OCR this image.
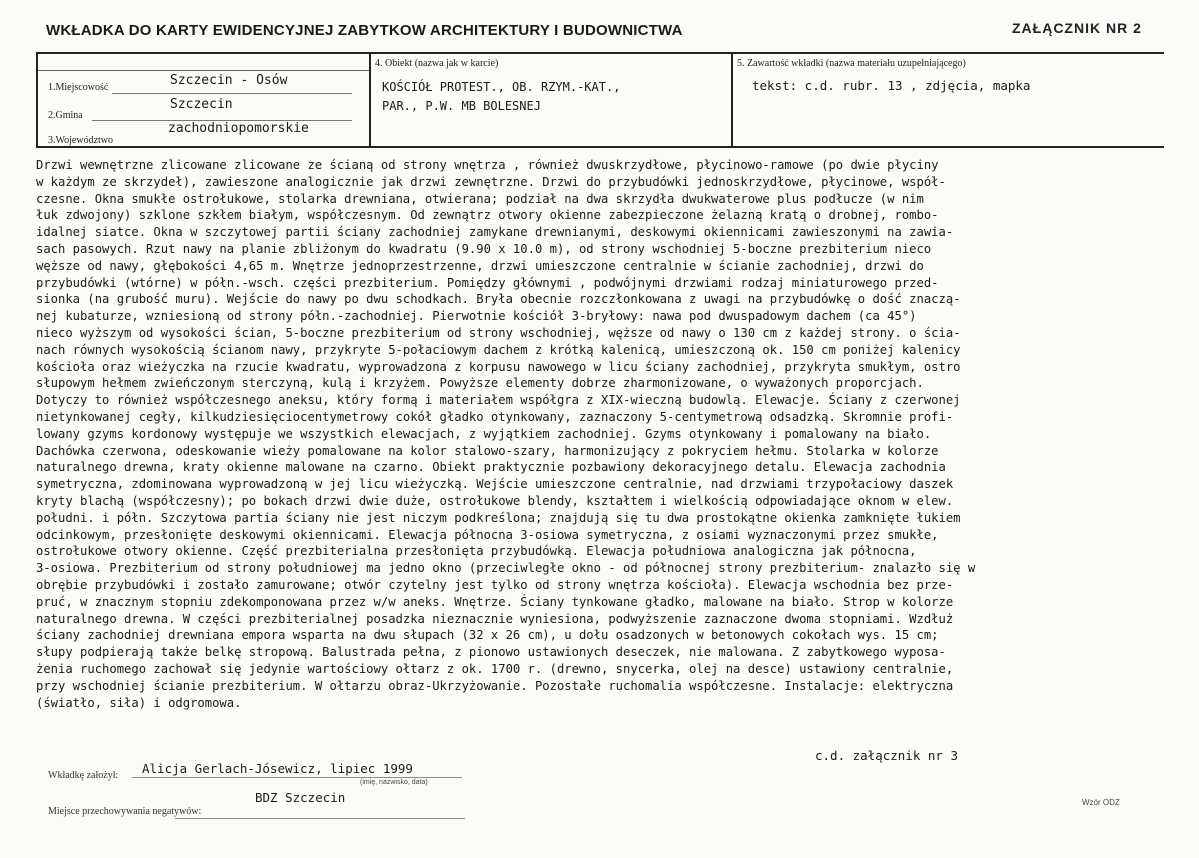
WKŁADKA DO KARTY EWIDENCYJNEJ ZABYTKOW ARCHITEKTURY I BUDOWNICTWA	ZAŁĄCZNIK NR 2
1.Miejscowość	Szczecin - Osów
2.Gmina
Szczecin
3.Województwo
zachodniopomorskie
4. Obiekt (nazwa jak w karcie)
KOŚCIÓŁ PROTEST., OB. RZYM.-KAT.,
PAR., P.W. MB BOLESNEJ
5. Zawartość wkładki (nazwa materiału uzupełniającego)
tekst: c.d. rubr. 13 , zdjęcia, mapka
Drzwi wewnętrzne zlicowane zlicowane ze ścianą od strony wnętrza , również dwuskrzydłowe, płycinowo-ramowe (po dwie płyciny
w każdym ze skrzydeł), zawieszone analogicznie jak drzwi zewnętrzne. Drzwi do przybudówki jednoskrzydłowe, płycinowe, współ-
czesne. Okna smukłe ostrołukowe, stolarka drewniana, otwierana; podział na dwa skrzydła dwukwaterowe plus podłucze (w nim
łuk zdwojony) szklone szkłem białym, współczesnym. Od zewnątrz otwory okienne zabezpieczone żelazną kratą o drobnej, rombo-
idalnej siatce. Okna w szczytowej partii ściany zachodniej zamykane drewnianymi, deskowymi okiennicami zawieszonymi na zawia-
sach pasowych. Rzut nawy na planie zbliżonym do kwadratu (9.90 x 10.0 m), od strony wschodniej 5-boczne prezbiterium nieco
węższe od nawy, głębokości 4,65 m. Wnętrze jednoprzestrzenne, drzwi umieszczone centralnie w ścianie zachodniej, drzwi do
przybudówki (wtórne) w półn.-wsch. części prezbiterium. Pomiędzy głównymi , podwójnymi drzwiami rodzaj miniaturowego przed-
sionka (na grubość muru). Wejście do nawy po dwu schodkach. Bryła obecnie rozczłonkowana z uwagi na przybudówkę o dość znaczą-
nej kubaturze, wzniesioną od strony półn.-zachodniej. Pierwotnie kościół 3-bryłowy: nawa pod dwuspadowym dachem (ca 45°)
nieco wyższym od wysokości ścian, 5-boczne prezbiterium od strony wschodniej, węższe od nawy o 130 cm z każdej strony. o ścia-
nach równych wysokością ścianom nawy, przykryte 5-połaciowym dachem z krótką kalenicą, umieszczoną ok. 150 cm poniżej kalenicy
kościoła oraz wieżyczka na rzucie kwadratu, wyprowadzona z korpusu nawowego w licu ściany zachodniej, przykryta smukłym, ostro
słupowym hełmem zwieńczonym sterczyną, kulą i krzyżem. Powyższe elementy dobrze zharmonizowane, o wyważonych proporcjach.
Dotyczy to również współczesnego aneksu, który formą i materiałem współgra z XIX-wieczną budowlą. Elewacje. Ściany z czerwonej
nietynkowanej cegły, kilkudziesięciocentymetrowy cokół gładko otynkowany, zaznaczony 5-centymetrową odsadzką. Skromnie profi-
lowany gzyms kordonowy występuje we wszystkich elewacjach, z wyjątkiem zachodniej. Gzyms otynkowany i pomalowany na biało.
Dachówka czerwona, odeskowanie wieży pomalowane na kolor stalowo-szary, harmonizujący z pokryciem hełmu. Stolarka w kolorze
naturalnego drewna, kraty okienne malowane na czarno. Obiekt praktycznie pozbawiony dekoracyjnego detalu. Elewacja zachodnia
symetryczna, zdominowana wyprowadzoną w jej licu wieżyczką. Wejście umieszczone centralnie, nad drzwiami trzypołaciowy daszek
kryty blachą (współczesny); po bokach drzwi dwie duże, ostrołukowe blendy, kształtem i wielkością odpowiadające oknom w elew.
południ. i półn. Szczytowa partia ściany nie jest niczym podkreślona; znajdują się tu dwa prostokątne okienka zamknięte łukiem
odcinkowym, przesłonięte deskowymi okiennicami. Elewacja północna 3-osiowa symetryczna, z osiami wyznaczonymi przez smukłe,
ostrołukowe otwory okienne. Część prezbiterialna przesłonięta przybudówką. Elewacja południowa analogiczna jak północna,
3-osiowa. Prezbiterium od strony południowej ma jedno okno (przeciwległe okno - od północnej strony prezbiterium- znalazło się w
obrębie przybudówki i zostało zamurowane; otwór czytelny jest tylko od strony wnętrza kościoła). Elewacja wschodnia bez prze-
pruć, w znacznym stopniu zdekomponowana przez w/w aneks. Wnętrze. Ściany tynkowane gładko, malowane na biało. Strop w kolorze
naturalnego drewna. W części prezbiterialnej posadzka nieznacznie wyniesiona, podwyższenie zaznaczone dwoma stopniami. Wzdłuż
ściany zachodniej drewniana empora wsparta na dwu słupach (32 x 26 cm), u dołu osadzonych w betonowych cokołach wys. 15 cm;
słupy podpierają także belkę stropową. Balustrada pełna, z pionowo ustawionych deseczek, nie malowana. Z zabytkowego wyposa-
żenia ruchomego zachował się jedynie wartościowy ołtarz z ok. 1700 r. (drewno, snycerka, olej na desce) ustawiony centralnie,
przy wschodniej ścianie prezbiterium. W ołtarzu obraz-Ukrzyżowanie. Pozostałe ruchomalia współczesne. Instalacje: elektryczna
(światło, siła) i odgromowa.
c.d. załącznik nr 3
Wkładkę założył: Alicja Gerlach-Jósewicz, lipiec 1999
(imię, nazwisko, data)
BDZ Szczecin
Miejsce przechowywania negatywów:
Wzór ODZ
